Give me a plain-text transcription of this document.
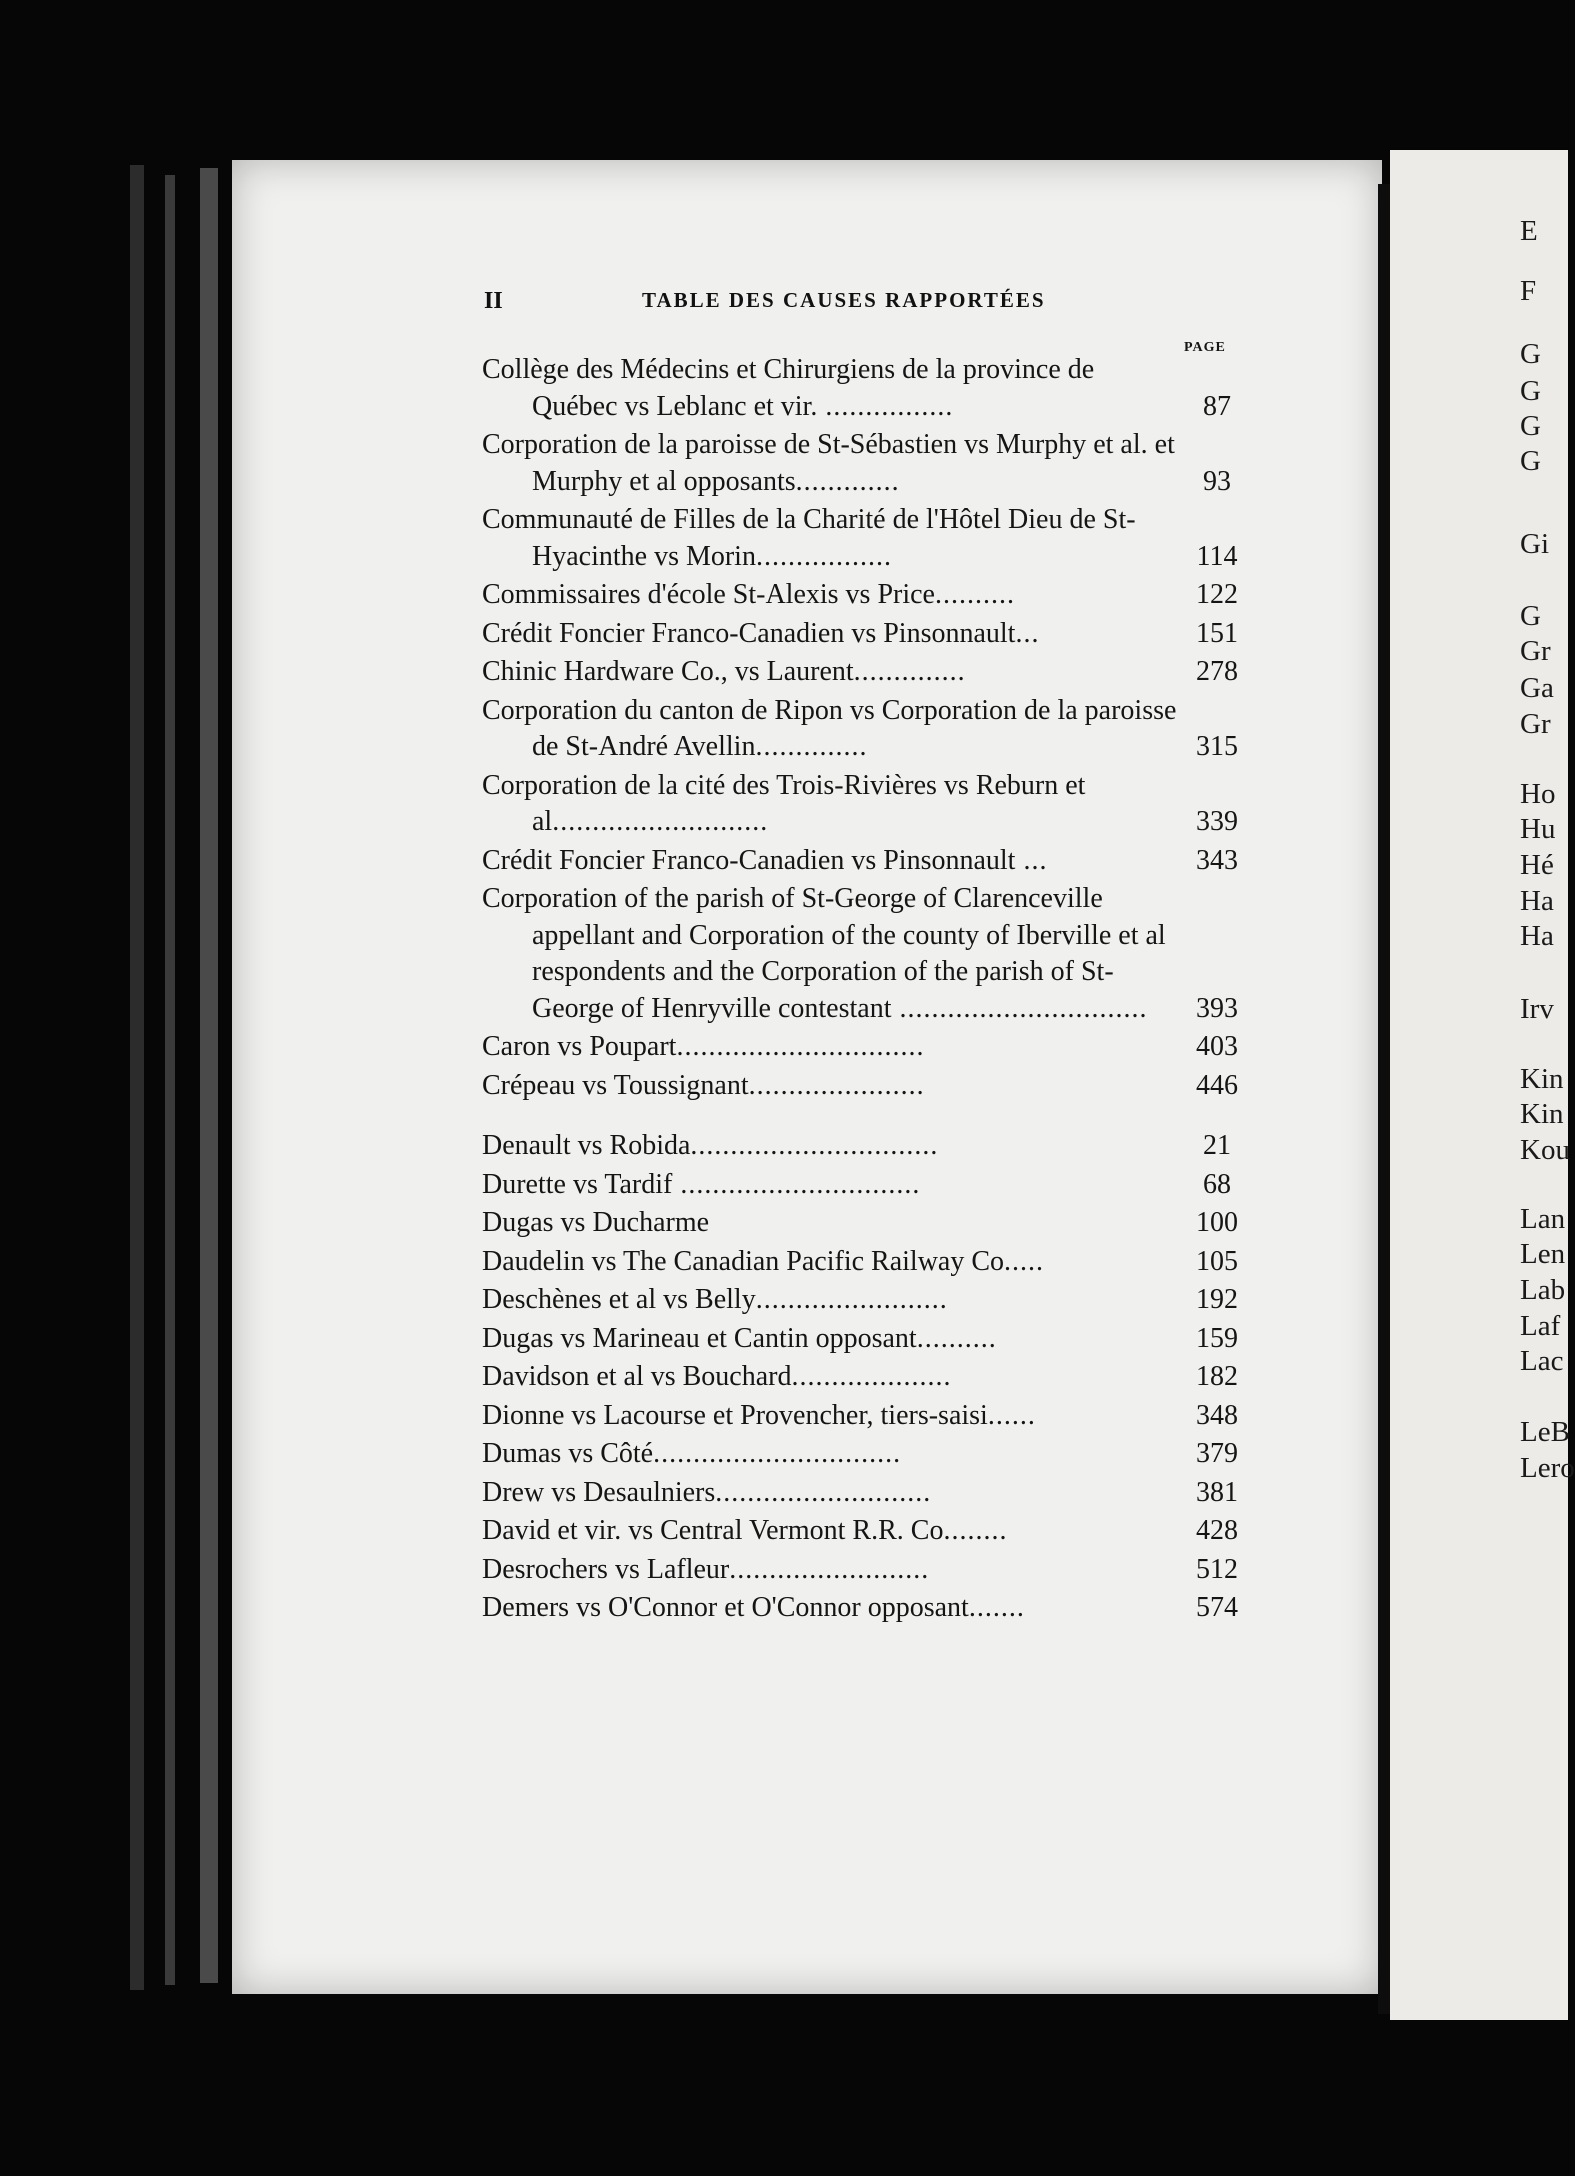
II	TABLE DES CAUSES RAPPORTÉES
PAGE
Collège des Médecins et Chirurgiens de la province de Québec vs Leblanc et vir. ................	87
Corporation de la paroisse de St-Sébastien vs Murphy et al. et Murphy et al opposants.............	93
Communauté de Filles de la Charité de l'Hôtel Dieu de St-Hyacinthe vs Morin.................	114
Commissaires d'école St-Alexis vs Price..........	122
Crédit Foncier Franco-Canadien vs Pinsonnault...	151
Chinic Hardware Co., vs Laurent..............	278
Corporation du canton de Ripon vs Corporation de la paroisse de St-André Avellin..............	315
Corporation de la cité des Trois-Rivières vs Reburn et al...........................	339
Crédit Foncier Franco-Canadien vs Pinsonnault ...	343
Corporation of the parish of St-George of Clarenceville appellant and Corporation of the county of Iberville et al respondents and the Corporation of the parish of St-George of Henryville contestant ...............................	393
Caron vs Poupart...............................	403
Crépeau vs Toussignant......................	446
Denault vs Robida...............................	21
Durette vs Tardif ..............................	68
Dugas vs Ducharme	100
Daudelin vs The Canadian Pacific Railway Co.....	105
Deschènes et al vs Belly........................	192
Dugas vs Marineau et Cantin opposant..........	159
Davidson et al vs Bouchard....................	182
Dionne vs Lacourse et Provencher, tiers-saisi......	348
Dumas vs Côté...............................	379
Drew vs Desaulniers...........................	381
David et vir. vs Central Vermont R.R. Co........	428
Desrochers vs Lafleur.........................	512
Demers vs O'Connor et O'Connor opposant.......	574
E
F
G
G
G
G
Gi
G
Gr
Ga
Gr
Ho
Hu
Hé
Ha
Ha
Irv
Kin
Kin
Kou
Lan
Len
Lab
Laf
Lac
LeB
Lero
